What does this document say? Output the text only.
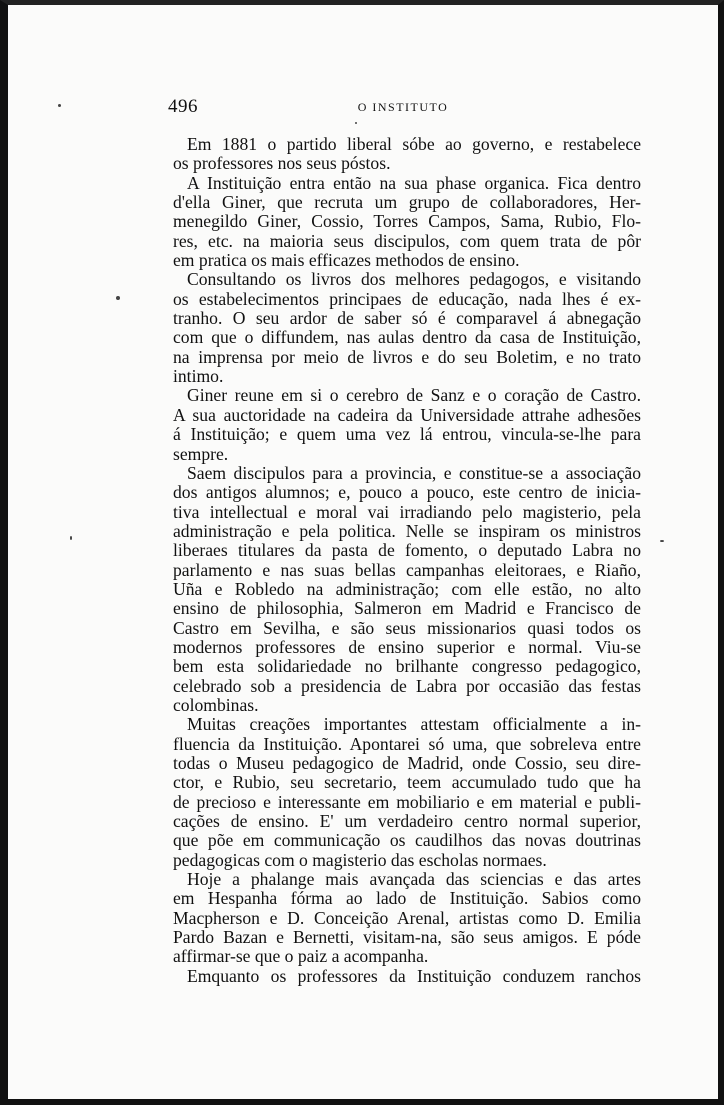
496	O INSTITUTO
Em 1881 o partido liberal sóbe ao governo, e restabelece
os professores nos seus póstos.
A Instituição entra então na sua phase organica. Fica dentro
d'ella Giner, que recruta um grupo de collaboradores, Her-
menegildo Giner, Cossio, Torres Campos, Sama, Rubio, Flo-
res, etc. na maioria seus discipulos, com quem trata de pôr
em pratica os mais efficazes methodos de ensino.
Consultando os livros dos melhores pedagogos, e visitando
os estabelecimentos principaes de educação, nada lhes é ex-
tranho. O seu ardor de saber só é comparavel á abnegação
com que o diffundem, nas aulas dentro da casa de Instituição,
na imprensa por meio de livros e do seu Boletim, e no trato
intimo.
Giner reune em si o cerebro de Sanz e o coração de Castro.
A sua auctoridade na cadeira da Universidade attrahe adhesões
á Instituição; e quem uma vez lá entrou, vincula-se-lhe para
sempre.
Saem discipulos para a provincia, e constitue-se a associação
dos antigos alumnos; e, pouco a pouco, este centro de inicia-
tiva intellectual e moral vai irradiando pelo magisterio, pela
administração e pela politica. Nelle se inspiram os ministros
liberaes titulares da pasta de fomento, o deputado Labra no
parlamento e nas suas bellas campanhas eleitoraes, e Riaño,
Uña e Robledo na administração; com elle estão, no alto
ensino de philosophia, Salmeron em Madrid e Francisco de
Castro em Sevilha, e são seus missionarios quasi todos os
modernos professores de ensino superior e normal. Viu-se
bem esta solidariedade no brilhante congresso pedagogico,
celebrado sob a presidencia de Labra por occasião das festas
colombinas.
Muitas creações importantes attestam officialmente a in-
fluencia da Instituição. Apontarei só uma, que sobreleva entre
todas o Museu pedagogico de Madrid, onde Cossio, seu dire-
ctor, e Rubio, seu secretario, teem accumulado tudo que ha
de precioso e interessante em mobiliario e em material e publi-
cações de ensino. E' um verdadeiro centro normal superior,
que põe em communicação os caudilhos das novas doutrinas
pedagogicas com o magisterio das escholas normaes.
Hoje a phalange mais avançada das sciencias e das artes
em Hespanha fórma ao lado de Instituição. Sabios como
Macpherson e D. Conceição Arenal, artistas como D. Emilia
Pardo Bazan e Bernetti, visitam-na, são seus amigos. E póde
affirmar-se que o paiz a acompanha.
Emquanto os professores da Instituição conduzem ranchos
